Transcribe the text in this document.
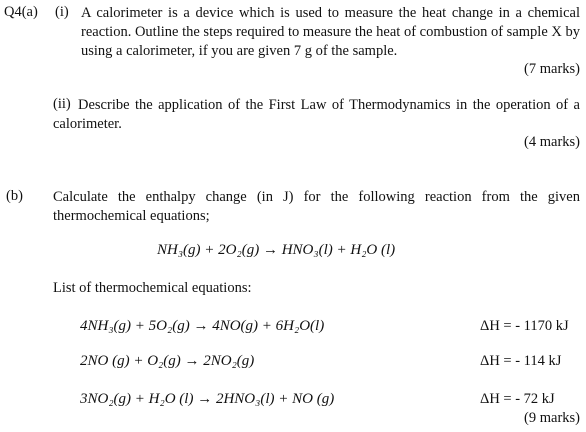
Q4(a) (i) A calorimeter is a device which is used to measure the heat change in a chemical reaction. Outline the steps required to measure the heat of combustion of sample X by using a calorimeter, if you are given 7 g of the sample.
(7 marks)
(ii) Describe the application of the First Law of Thermodynamics in the operation of a calorimeter.
(4 marks)
(b) Calculate the enthalpy change (in J) for the following reaction from the given thermochemical equations;
NH₃(g) + 2O₂(g) → HNO₃(l) + H₂O (l)
List of thermochemical equations:
4NH₃(g) + 5O₂(g) → 4NO(g) + 6H₂O(l)	ΔH = - 1170 kJ
2NO (g) + O₂(g) → 2NO₂(g)	ΔH = - 114 kJ
3NO₂(g) + H₂O (l) → 2HNO₃(l) + NO (g)	ΔH = - 72 kJ
(9 marks)
